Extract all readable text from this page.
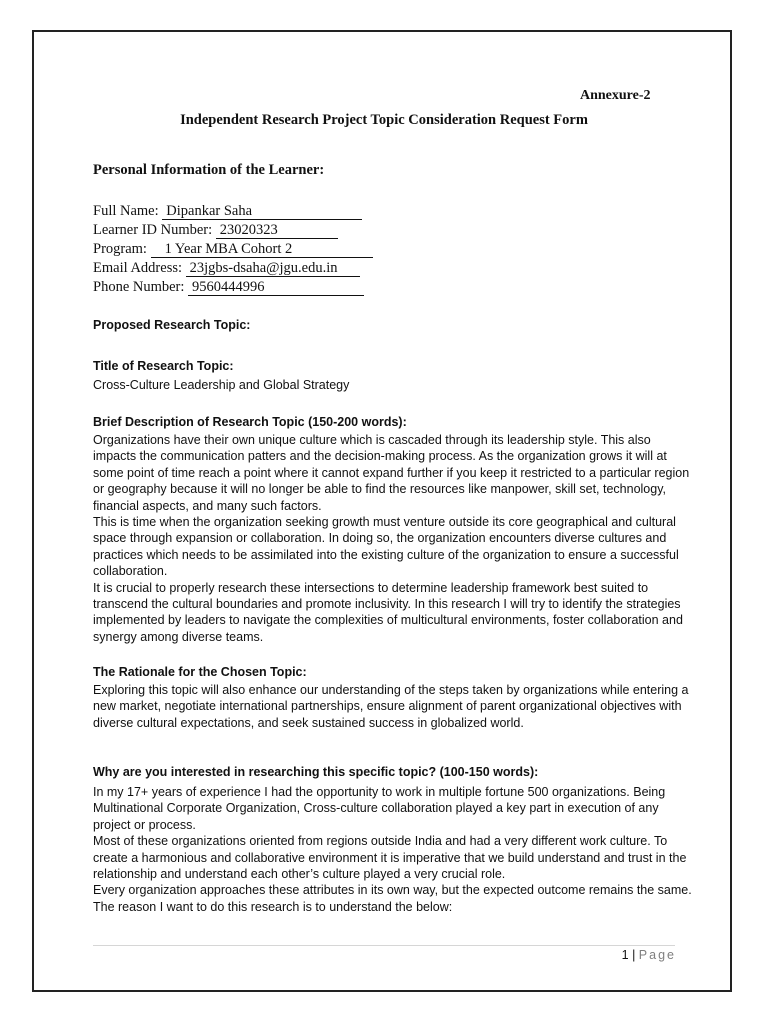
Annexure-2
Independent Research Project Topic Consideration Request Form
Personal Information of the Learner:
Full Name: Dipankar Saha
Learner ID Number: 23020323
Program: 1 Year MBA Cohort 2
Email Address: 23jgbs-dsaha@jgu.edu.in
Phone Number: 9560444996
Proposed Research Topic:
Title of Research Topic:
Cross-Culture Leadership and Global Strategy
Brief Description of Research Topic (150-200 words):

Organizations have their own unique culture which is cascaded through its leadership style. This also impacts the communication patters and the decision-making process. As the organization grows it will at some point of time reach a point where it cannot expand further if you keep it restricted to a particular region or geography because it will no longer be able to find the resources like manpower, skill set, technology, financial aspects, and many such factors.

This is time when the organization seeking growth must venture outside its core geographical and cultural space through expansion or collaboration. In doing so, the organization encounters diverse cultures and practices which needs to be assimilated into the existing culture of the organization to ensure a successful collaboration.

It is crucial to properly research these intersections to determine leadership framework best suited to transcend the cultural boundaries and promote inclusivity. In this research I will try to identify the strategies implemented by leaders to navigate the complexities of multicultural environments, foster collaboration and synergy among diverse teams.

The Rationale for the Chosen Topic:

Exploring this topic will also enhance our understanding of the steps taken by organizations while entering a new market, negotiate international partnerships, ensure alignment of parent organizational objectives with diverse cultural expectations, and seek sustained success in globalized world.

Why are you interested in researching this specific topic? (100-150 words):

In my 17+ years of experience I had the opportunity to work in multiple fortune 500 organizations. Being Multinational Corporate Organization, Cross-culture collaboration played a key part in execution of any project or process.

Most of these organizations oriented from regions outside India and had a very different work culture. To create a harmonious and collaborative environment it is imperative that we build understand and trust in the relationship and understand each other’s culture played a very crucial role.

Every organization approaches these attributes in its own way, but the expected outcome remains the same. The reason I want to do this research is to understand the below:

1 | Page
